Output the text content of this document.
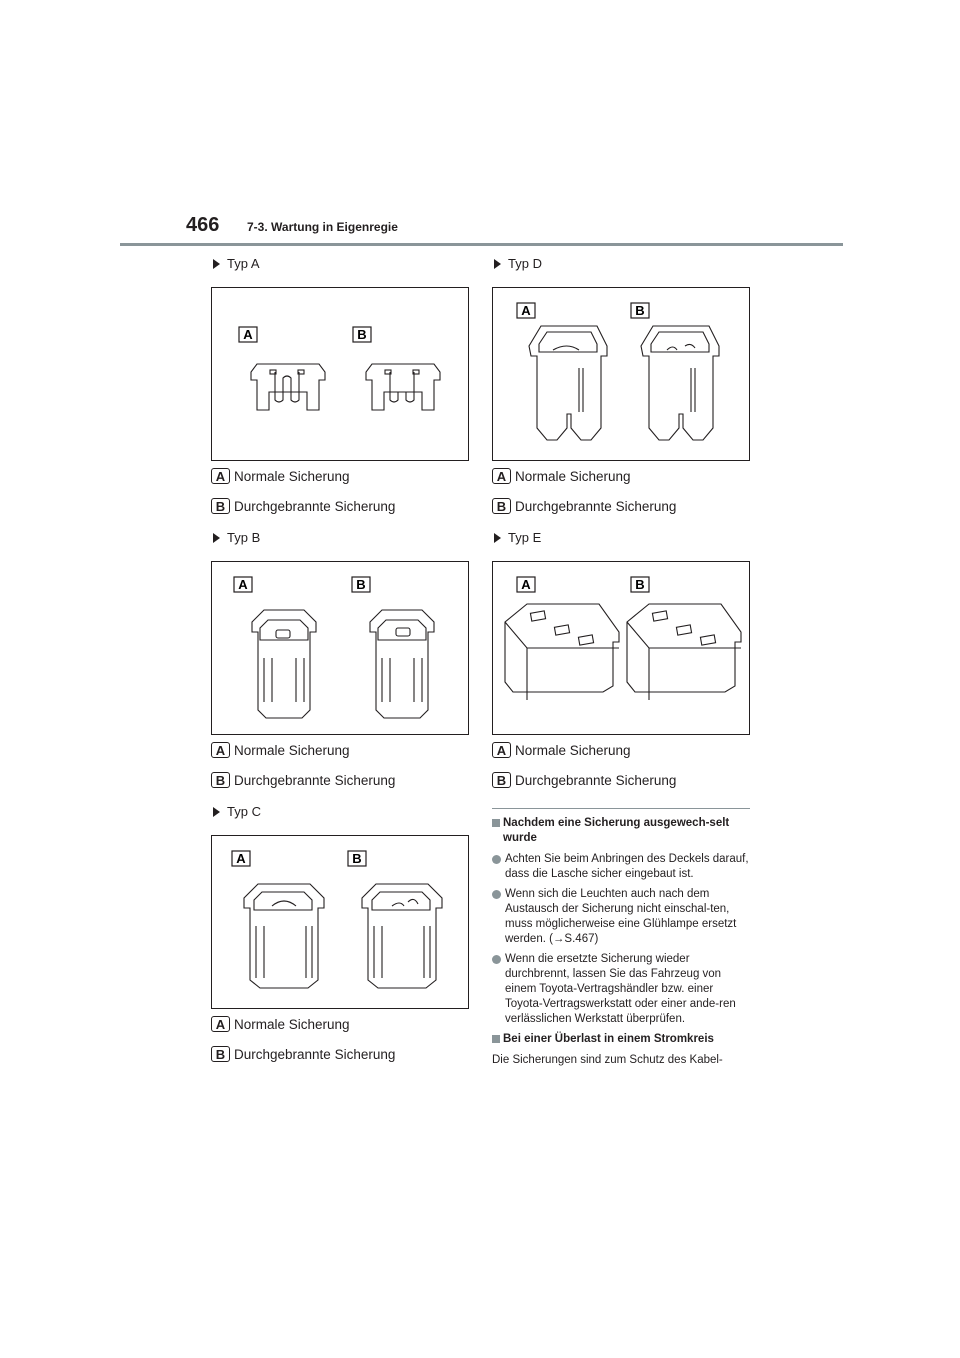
466 7-3. Wartung in Eigenregie
Typ A
A	B
A Normale Sicherung
B Durchgebrannte Sicherung
Typ B
A	B
A Normale Sicherung
B Durchgebrannte Sicherung
Typ C
A	B
A Normale Sicherung
B Durchgebrannte Sicherung
Typ D
A	B
A Normale Sicherung
B Durchgebrannte Sicherung
Typ E
A	B
A Normale Sicherung
B Durchgebrannte Sicherung
Nachdem eine Sicherung ausgewech-selt wurde
Achten Sie beim Anbringen des Deckels darauf, dass die Lasche sicher eingebaut ist.
Wenn sich die Leuchten auch nach dem Austausch der Sicherung nicht einschal-ten, muss möglicherweise eine Glühlampe ersetzt werden. (→S.467)
Wenn die ersetzte Sicherung wieder durchbrennt, lassen Sie das Fahrzeug von einem Toyota-Vertragshändler bzw. einer Toyota-Vertragswerkstatt oder einer ande-ren verlässlichen Werkstatt überprüfen.
Bei einer Überlast in einem Stromkreis
Die Sicherungen sind zum Schutz des Kabel-
